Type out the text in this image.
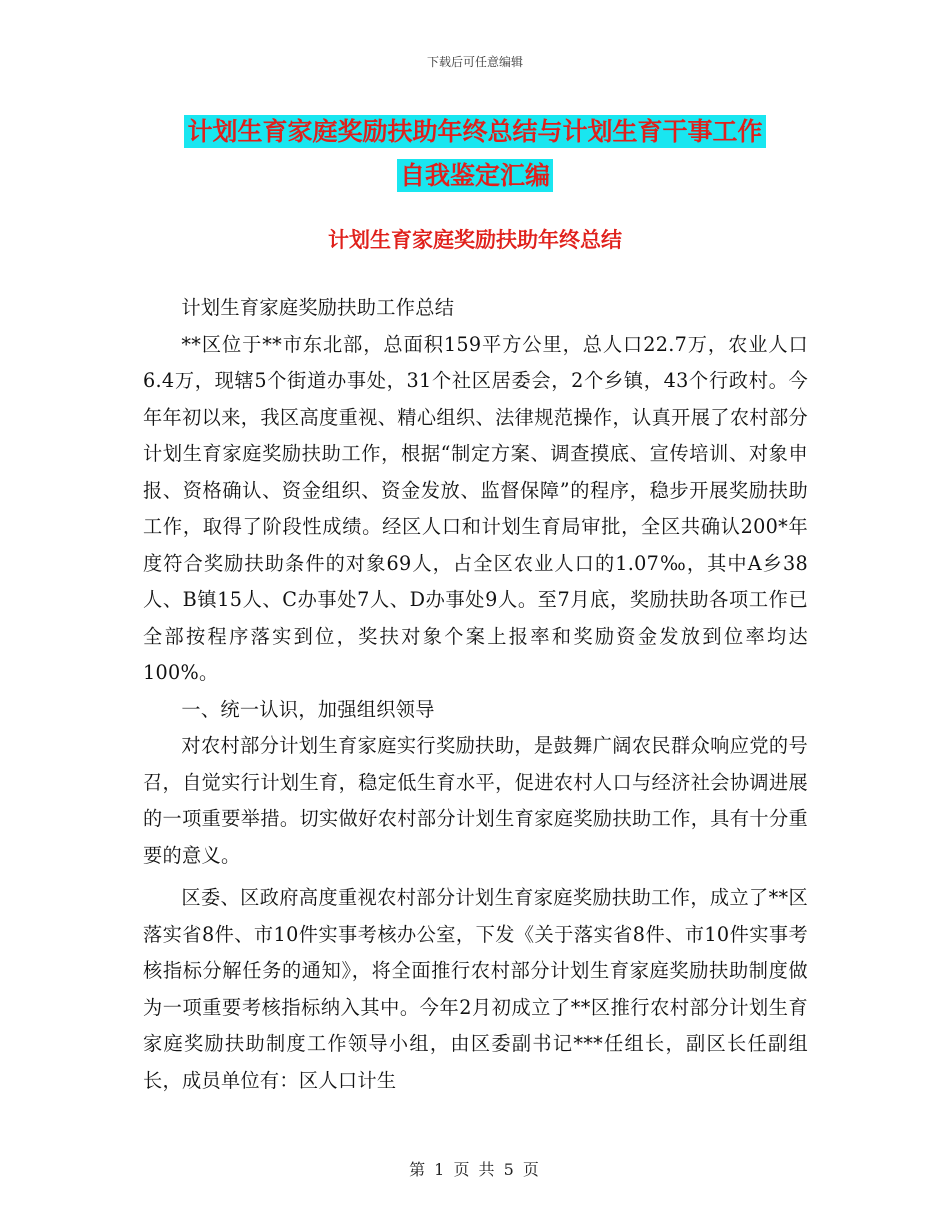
下载后可任意编辑
计划生育家庭奖励扶助年终总结与计划生育干事工作
自我鉴定汇编
计划生育家庭奖励扶助年终总结

计划生育家庭奖励扶助工作总结

**区位于**市东北部，总面积159平方公里，总人口22.7万，农业人口6.4万，现辖5个街道办事处，31个社区居委会，2个乡镇，43个行政村。今年年初以来，我区高度重视、精心组织、法律规范操作，认真开展了农村部分计划生育家庭奖励扶助工作，根据“制定方案、调查摸底、宣传培训、对象申报、资格确认、资金组织、资金发放、监督保障”的程序，稳步开展奖励扶助工作，取得了阶段性成绩。经区人口和计划生育局审批，全区共确认200*年度符合奖励扶助条件的对象69人，占全区农业人口的1.07‰，其中A乡38人、B镇15人、C办事处7人、D办事处9人。至7月底，奖励扶助各项工作已全部按程序落实到位，奖扶对象个案上报率和奖励资金发放到位率均达100%。

一、统一认识，加强组织领导

对农村部分计划生育家庭实行奖励扶助，是鼓舞广阔农民群众响应党的号召，自觉实行计划生育，稳定低生育水平，促进农村人口与经济社会协调进展的一项重要举措。切实做好农村部分计划生育家庭奖励扶助工作，具有十分重要的意义。

区委、区政府高度重视农村部分计划生育家庭奖励扶助工作，成立了**区落实省8件、市10件实事考核办公室，下发《关于落实省8件、市10件实事考核指标分解任务的通知》，将全面推行农村部分计划生育家庭奖励扶助制度做为一项重要考核指标纳入其中。今年2月初成立了**区推行农村部分计划生育家庭奖励扶助制度工作领导小组，由区委副书记***任组长，副区长任副组长，成员单位有：区人口计生

第 1 页 共 5 页
